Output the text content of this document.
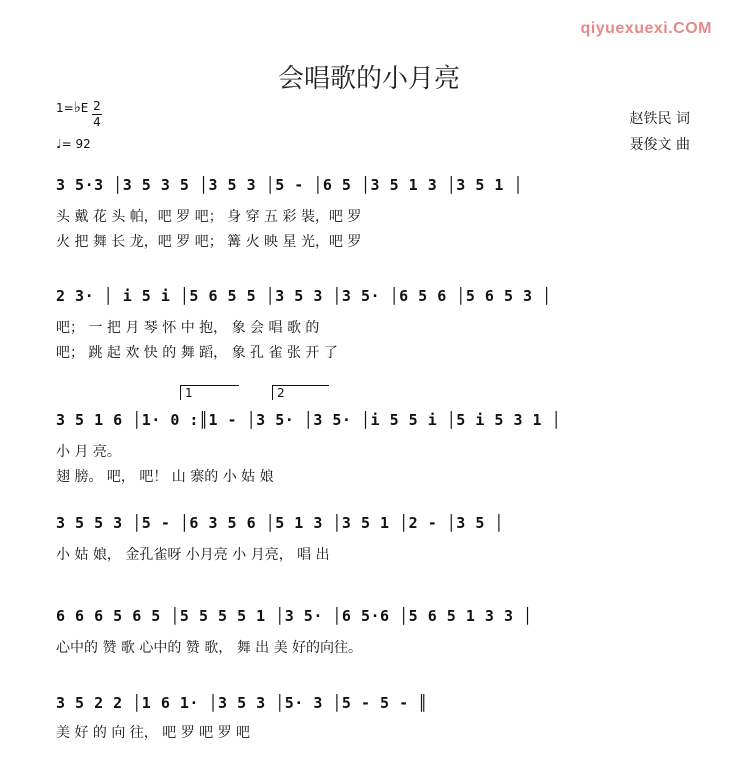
qiyuexuexi.COM
会唱歌的小月亮
1=♭E 2
4
♩= 92
赵铁民 词
聂俊文 曲
3 5·3 │3 5 3 5 │3 5 3 │5 - │6 5 │3 5 1 3 │3 5 1 │
头 戴 花 头 帕，吧 罗 吧； 身 穿 五 彩 裝，吧 罗
火 把 舞 长 龙，吧 罗 吧； 篝 火 映 星 光，吧 罗
2 3· │ i 5 i │5 6 5 5 │3 5 3 │3 5· │6 5 6 │5 6 5 3 │
吧； 一 把 月 琴 怀 中 抱， 象 会 唱 歌 的
吧； 跳 起 欢 快 的 舞 蹈， 象 孔 雀 张 开 了
1	2
3 5 1 6 │1· 0 :║1 - │3 5· │3 5· │i 5 5 i │5 i 5 3 1 │
小 月 亮。
翅 膀。 吧， 吧！ 山 寨的 小 姑 娘
3 5 5 3 │5 - │6 3 5 6 │5 1 3 │3 5 1 │2 - │3 5 │
小 姑 娘， 金孔雀呀 小月亮 小 月亮， 唱 出
6 6 6 5 6 5 │5 5 5 5 1 │3 5· │6 5·6 │5 6 5 1 3 3 │
心中的 赞 歌 心中的 赞 歌， 舞 出 美 好的向往。
3 5 2 2 │1 6 1· │3 5 3 │5· 3 │5 - 5 - ║
美 好 的 向 往， 吧 罗 吧 罗 吧
